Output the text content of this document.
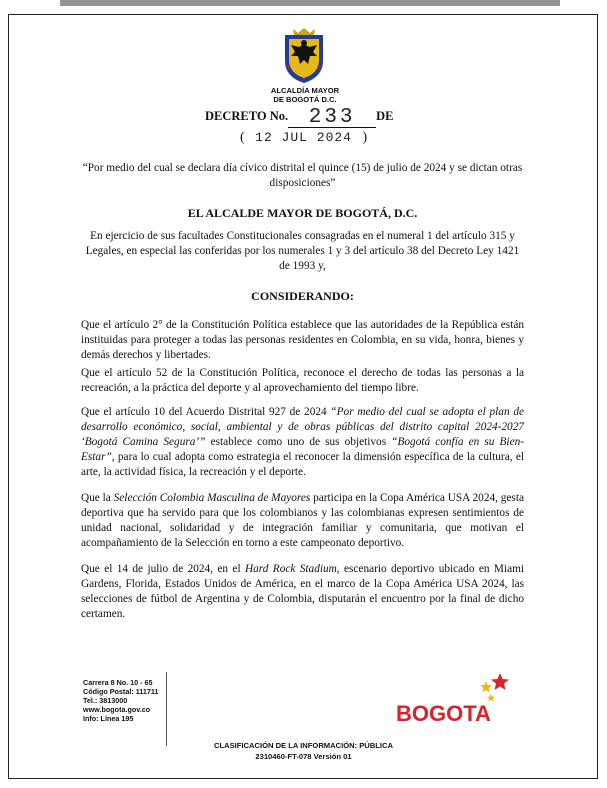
ALCALDÍA MAYOR
DE BOGOTÁ D.C.
DECRETO No. 233 DE
( 12 JUL 2024 )
“Por medio del cual se declara día cívico distrital el quince (15) de julio de 2024 y se dictan otras disposiciones”
EL ALCALDE MAYOR DE BOGOTÁ, D.C.
En ejercicio de sus facultades Constitucionales consagradas en el numeral 1 del artículo 315 y Legales, en especial las conferidas por los numerales 1 y 3 del artículo 38 del Decreto Ley 1421 de 1993 y,
CONSIDERANDO:
Que el artículo 2° de la Constitución Política establece que las autoridades de la República están instituidas para proteger a todas las personas residentes en Colombia, en su vida, honra, bienes y demás derechos y libertades.
Que el artículo 52 de la Constitución Política, reconoce el derecho de todas las personas a la recreación, a la práctica del deporte y al aprovechamiento del tiempo libre.
Que el artículo 10 del Acuerdo Distrital 927 de 2024 “Por medio del cual se adopta el plan de desarrollo económico, social, ambiental y de obras públicas del distrito capital 2024-2027 ‘Bogotá Camina Segura’” establece como uno de sus objetivos “Bogotá confía en su Bien-Estar”, para lo cual adopta como estrategia el reconocer la dimensión específica de la cultura, el arte, la actividad física, la recreación y el deporte.
Que la Selección Colombia Masculina de Mayores participa en la Copa América USA 2024, gesta deportiva que ha servido para que los colombianos y las colombianas expresen sentimientos de unidad nacional, solidaridad y de integración familiar y comunitaria, que motivan el acompañamiento de la Selección en torno a este campeonato deportivo.
Que el 14 de julio de 2024, en el Hard Rock Stadium, escenario deportivo ubicado en Miami Gardens, Florida, Estados Unidos de América, en el marco de la Copa América USA 2024, las selecciones de fútbol de Argentina y de Colombia, disputarán el encuentro por la final de dicho certamen.
Carrera 8 No. 10 - 65
Código Postal: 111711
Tel.: 3813000
www.bogota.gov.co
Info: Línea 195	BOGOTA
CLASIFICACIÓN DE LA INFORMACIÓN: PÚBLICA
2310460-FT-078 Versión 01
